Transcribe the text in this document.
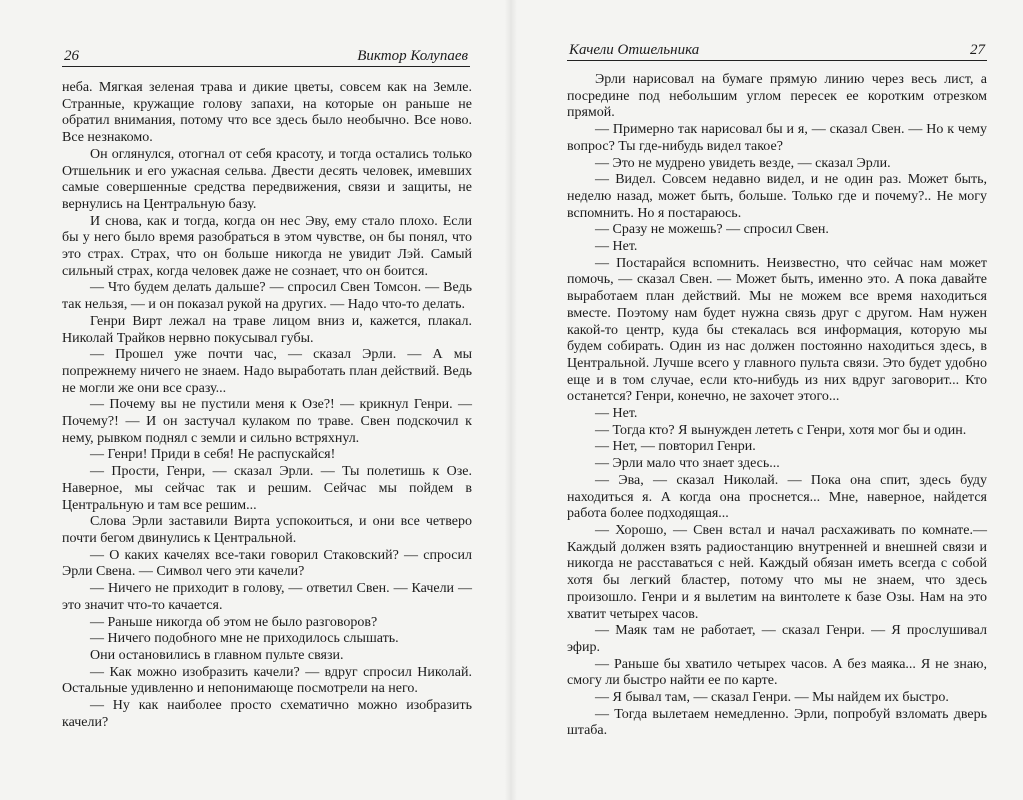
26	Виктор Колупаев

неба. Мягкая зеленая трава и дикие цветы, совсем как на Земле. Странные, кружащие голову запахи, на которые он раньше не обратил внимания, потому что все здесь было необычно. Все ново. Все незнакомо.

Он оглянулся, отогнал от себя красоту, и тогда остались только Отшельник и его ужасная сельва. Двести десять человек, имевших самые совершенные средства передвижения, связи и защиты, не вернулись на Центральную базу.

И снова, как и тогда, когда он нес Эву, ему стало плохо. Если бы у него было время разобраться в этом чувстве, он бы понял, что это страх. Страх, что он больше никогда не увидит Лэй. Самый сильный страх, когда человек даже не сознает, что он боится.

— Что будем делать дальше? — спросил Свен Томсон. — Ведь так нельзя, — и он показал рукой на других. — Надо что-то делать.

Генри Вирт лежал на траве лицом вниз и, кажется, плакал. Николай Трайков нервно покусывал губы.

— Прошел уже почти час, — сказал Эрли. — А мы попрежнему ничего не знаем. Надо выработать план действий. Ведь не могли же они все сразу...

— Почему вы не пустили меня к Озе?! — крикнул Генри. — Почему?! — И он застучал кулаком по траве. Свен подскочил к нему, рывком поднял с земли и сильно встряхнул.

— Генри! Приди в себя! Не распускайся!

— Прости, Генри, — сказал Эрли. — Ты полетишь к Озе. Наверное, мы сейчас так и решим. Сейчас мы пойдем в Центральную и там все решим...

Слова Эрли заставили Вирта успокоиться, и они все четверо почти бегом двинулись к Центральной.

— О каких качелях все-таки говорил Стаковский? — спросил Эрли Свена. — Символ чего эти качели?

— Ничего не приходит в голову, — ответил Свен. — Качели — это значит что-то качается.

— Раньше никогда об этом не было разговоров?

— Ничего подобного мне не приходилось слышать.

Они остановились в главном пульте связи.

— Как можно изобразить качели? — вдруг спросил Николай. Остальные удивленно и непонимающе посмотрели на него.

— Ну как наиболее просто схематично можно изобразить качели?

Качели Отшельника	27

Эрли нарисовал на бумаге прямую линию через весь лист, а посредине под небольшим углом пересек ее коротким отрезком прямой.

— Примерно так нарисовал бы и я, — сказал Свен. — Но к чему вопрос? Ты где-нибудь видел такое?

— Это не мудрено увидеть везде, — сказал Эрли.

— Видел. Совсем недавно видел, и не один раз. Может быть, неделю назад, может быть, больше. Только где и почему?.. Не могу вспомнить. Но я постараюсь.

— Сразу не можешь? — спросил Свен.

— Нет.

— Постарайся вспомнить. Неизвестно, что сейчас нам может помочь, — сказал Свен. — Может быть, именно это. А пока давайте выработаем план действий. Мы не можем все время находиться вместе. Поэтому нам будет нужна связь друг с другом. Нам нужен какой-то центр, куда бы стекалась вся информация, которую мы будем собирать. Один из нас должен постоянно находиться здесь, в Центральной. Лучше всего у главного пульта связи. Это будет удобно еще и в том случае, если кто-нибудь из них вдруг заговорит... Кто останется? Генри, конечно, не захочет этого...

— Нет.

— Тогда кто? Я вынужден лететь с Генри, хотя мог бы и один.

— Нет, — повторил Генри.

— Эрли мало что знает здесь...

— Эва, — сказал Николай. — Пока она спит, здесь буду находиться я. А когда она проснется... Мне, наверное, найдется работа более подходящая...

— Хорошо, — Свен встал и начал расхаживать по комнате.— Каждый должен взять радиостанцию внутренней и внешней связи и никогда не расставаться с ней. Каждый обязан иметь всегда с собой хотя бы легкий бластер, потому что мы не знаем, что здесь произошло. Генри и я вылетим на винтолете к базе Озы. Нам на это хватит четырех часов.

— Маяк там не работает, — сказал Генри. — Я прослушивал эфир.

— Раньше бы хватило четырех часов. А без маяка... Я не знаю, смогу ли быстро найти ее по карте.

— Я бывал там, — сказал Генри. — Мы найдем их быстро.

— Тогда вылетаем немедленно. Эрли, попробуй взломать дверь штаба.
